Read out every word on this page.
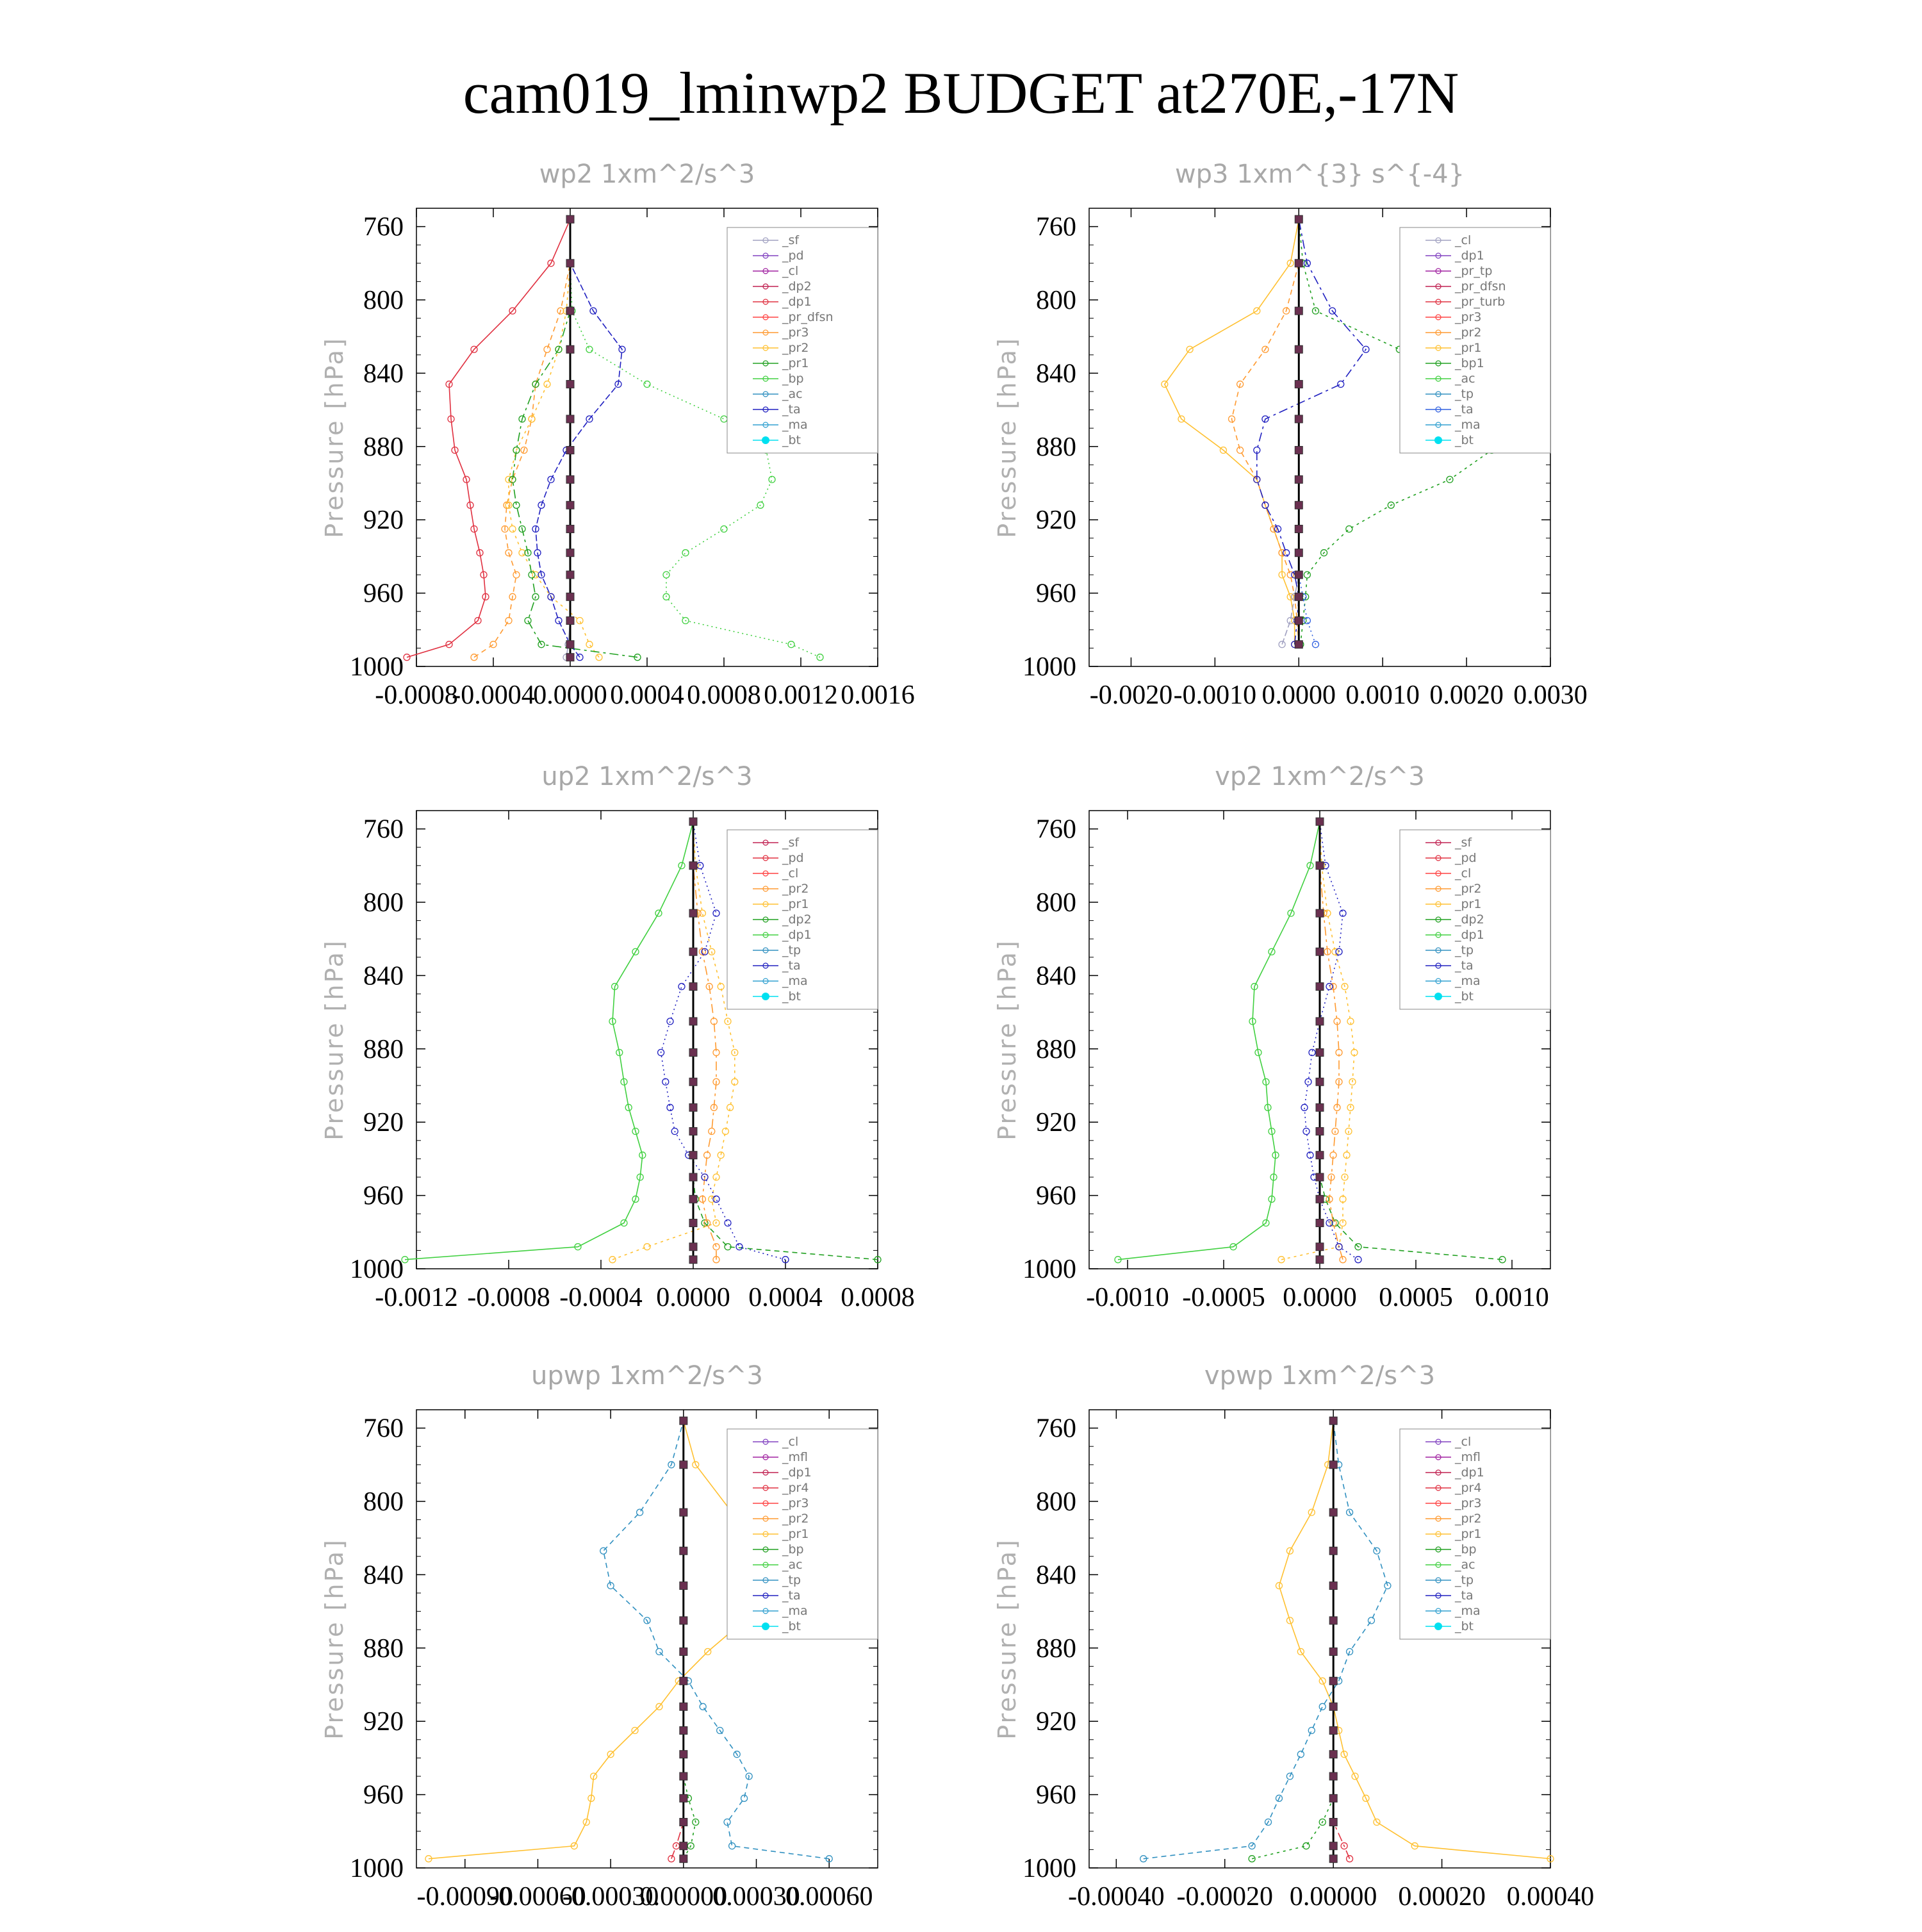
cam019_lminwp2 BUDGET at270E,-17N
wp2 1xm^2/s^3
Pressure [hPa]
760
800
840
880
920
960
1000
-0.0008
-0.0004
0.0000 0.0004 0.0008 0.0012 0.0016
_sf
_pd
_cl
_dp2
_dp1
_pr_dfsn
_pr3
_pr2
_pr1
_bp
_ac
_ta
_ma
_bt
wp3 1xm^{3} s^{-4}
Pressure [hPa]
760
800
840
880
920
960
1000
-0.0020 -0.0010 0.0000 0.0010 0.0020 0.0030
_cl
_dp1
_pr_tp
_pr_dfsn
_pr_turb
_pr3
_pr2
_pr1
_bp1
_ac
_tp
_ta
_ma
_bt
up2 1xm^2/s^3
Pressure [hPa]
760
800
840
880
920
960
1000
-0.0012 -0.0008 -0.0004 0.0000 0.0004 0.0008
_sf
_pd
_cl
_pr2
_pr1
_dp2
_dp1
_tp
_ta
_ma
_bt
vp2 1xm^2/s^3
Pressure [hPa]
760
800
840
880
920
960
1000
-0.0010 -0.0005 0.0000 0.0005 0.0010
_sf
_pd
_cl
_pr2
_pr1
_dp2
_dp1
_tp
_ta
_ma
_bt
upwp 1xm^2/s^3
Pressure [hPa]
760
800
840
880
920
960
1000
-0.00090
-0.00060
-0.00030
0.00000
0.00030
0.00060
_cl
_mfl
_dp1
_pr4
_pr3
_pr2
_pr1
_bp
_ac
_tp
_ta
_ma
_bt
vpwp 1xm^2/s^3
Pressure [hPa]
760
800
840
880
920
960
1000
-0.00040 -0.00020 0.00000 0.00020 0.00040
_cl
_mfl
_dp1
_pr4
_pr3
_pr2
_pr1
_bp
_ac
_tp
_ta
_ma
_bt
